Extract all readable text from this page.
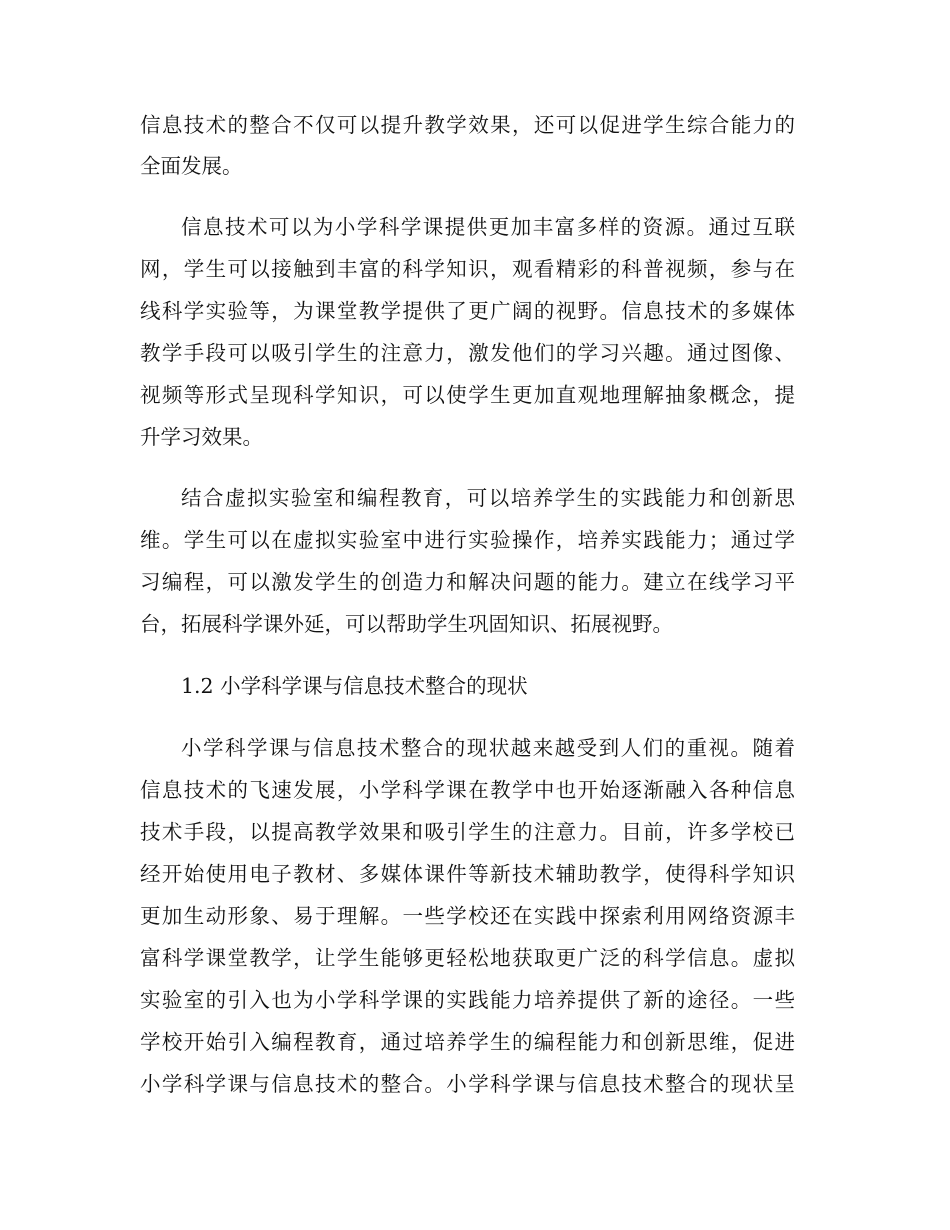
信息技术的整合不仅可以提升教学效果，还可以促进学生综合能力的
全面发展。
信息技术可以为小学科学课提供更加丰富多样的资源。通过互联
网，学生可以接触到丰富的科学知识，观看精彩的科普视频，参与在
线科学实验等，为课堂教学提供了更广阔的视野。信息技术的多媒体
教学手段可以吸引学生的注意力，激发他们的学习兴趣。通过图像、
视频等形式呈现科学知识，可以使学生更加直观地理解抽象概念，提
升学习效果。
结合虚拟实验室和编程教育，可以培养学生的实践能力和创新思
维。学生可以在虚拟实验室中进行实验操作，培养实践能力；通过学
习编程，可以激发学生的创造力和解决问题的能力。建立在线学习平
台，拓展科学课外延，可以帮助学生巩固知识、拓展视野。
1.2 小学科学课与信息技术整合的现状
小学科学课与信息技术整合的现状越来越受到人们的重视。随着
信息技术的飞速发展，小学科学课在教学中也开始逐渐融入各种信息
技术手段，以提高教学效果和吸引学生的注意力。目前，许多学校已
经开始使用电子教材、多媒体课件等新技术辅助教学，使得科学知识
更加生动形象、易于理解。一些学校还在实践中探索利用网络资源丰
富科学课堂教学，让学生能够更轻松地获取更广泛的科学信息。虚拟
实验室的引入也为小学科学课的实践能力培养提供了新的途径。一些
学校开始引入编程教育，通过培养学生的编程能力和创新思维，促进
小学科学课与信息技术的整合。小学科学课与信息技术整合的现状呈
